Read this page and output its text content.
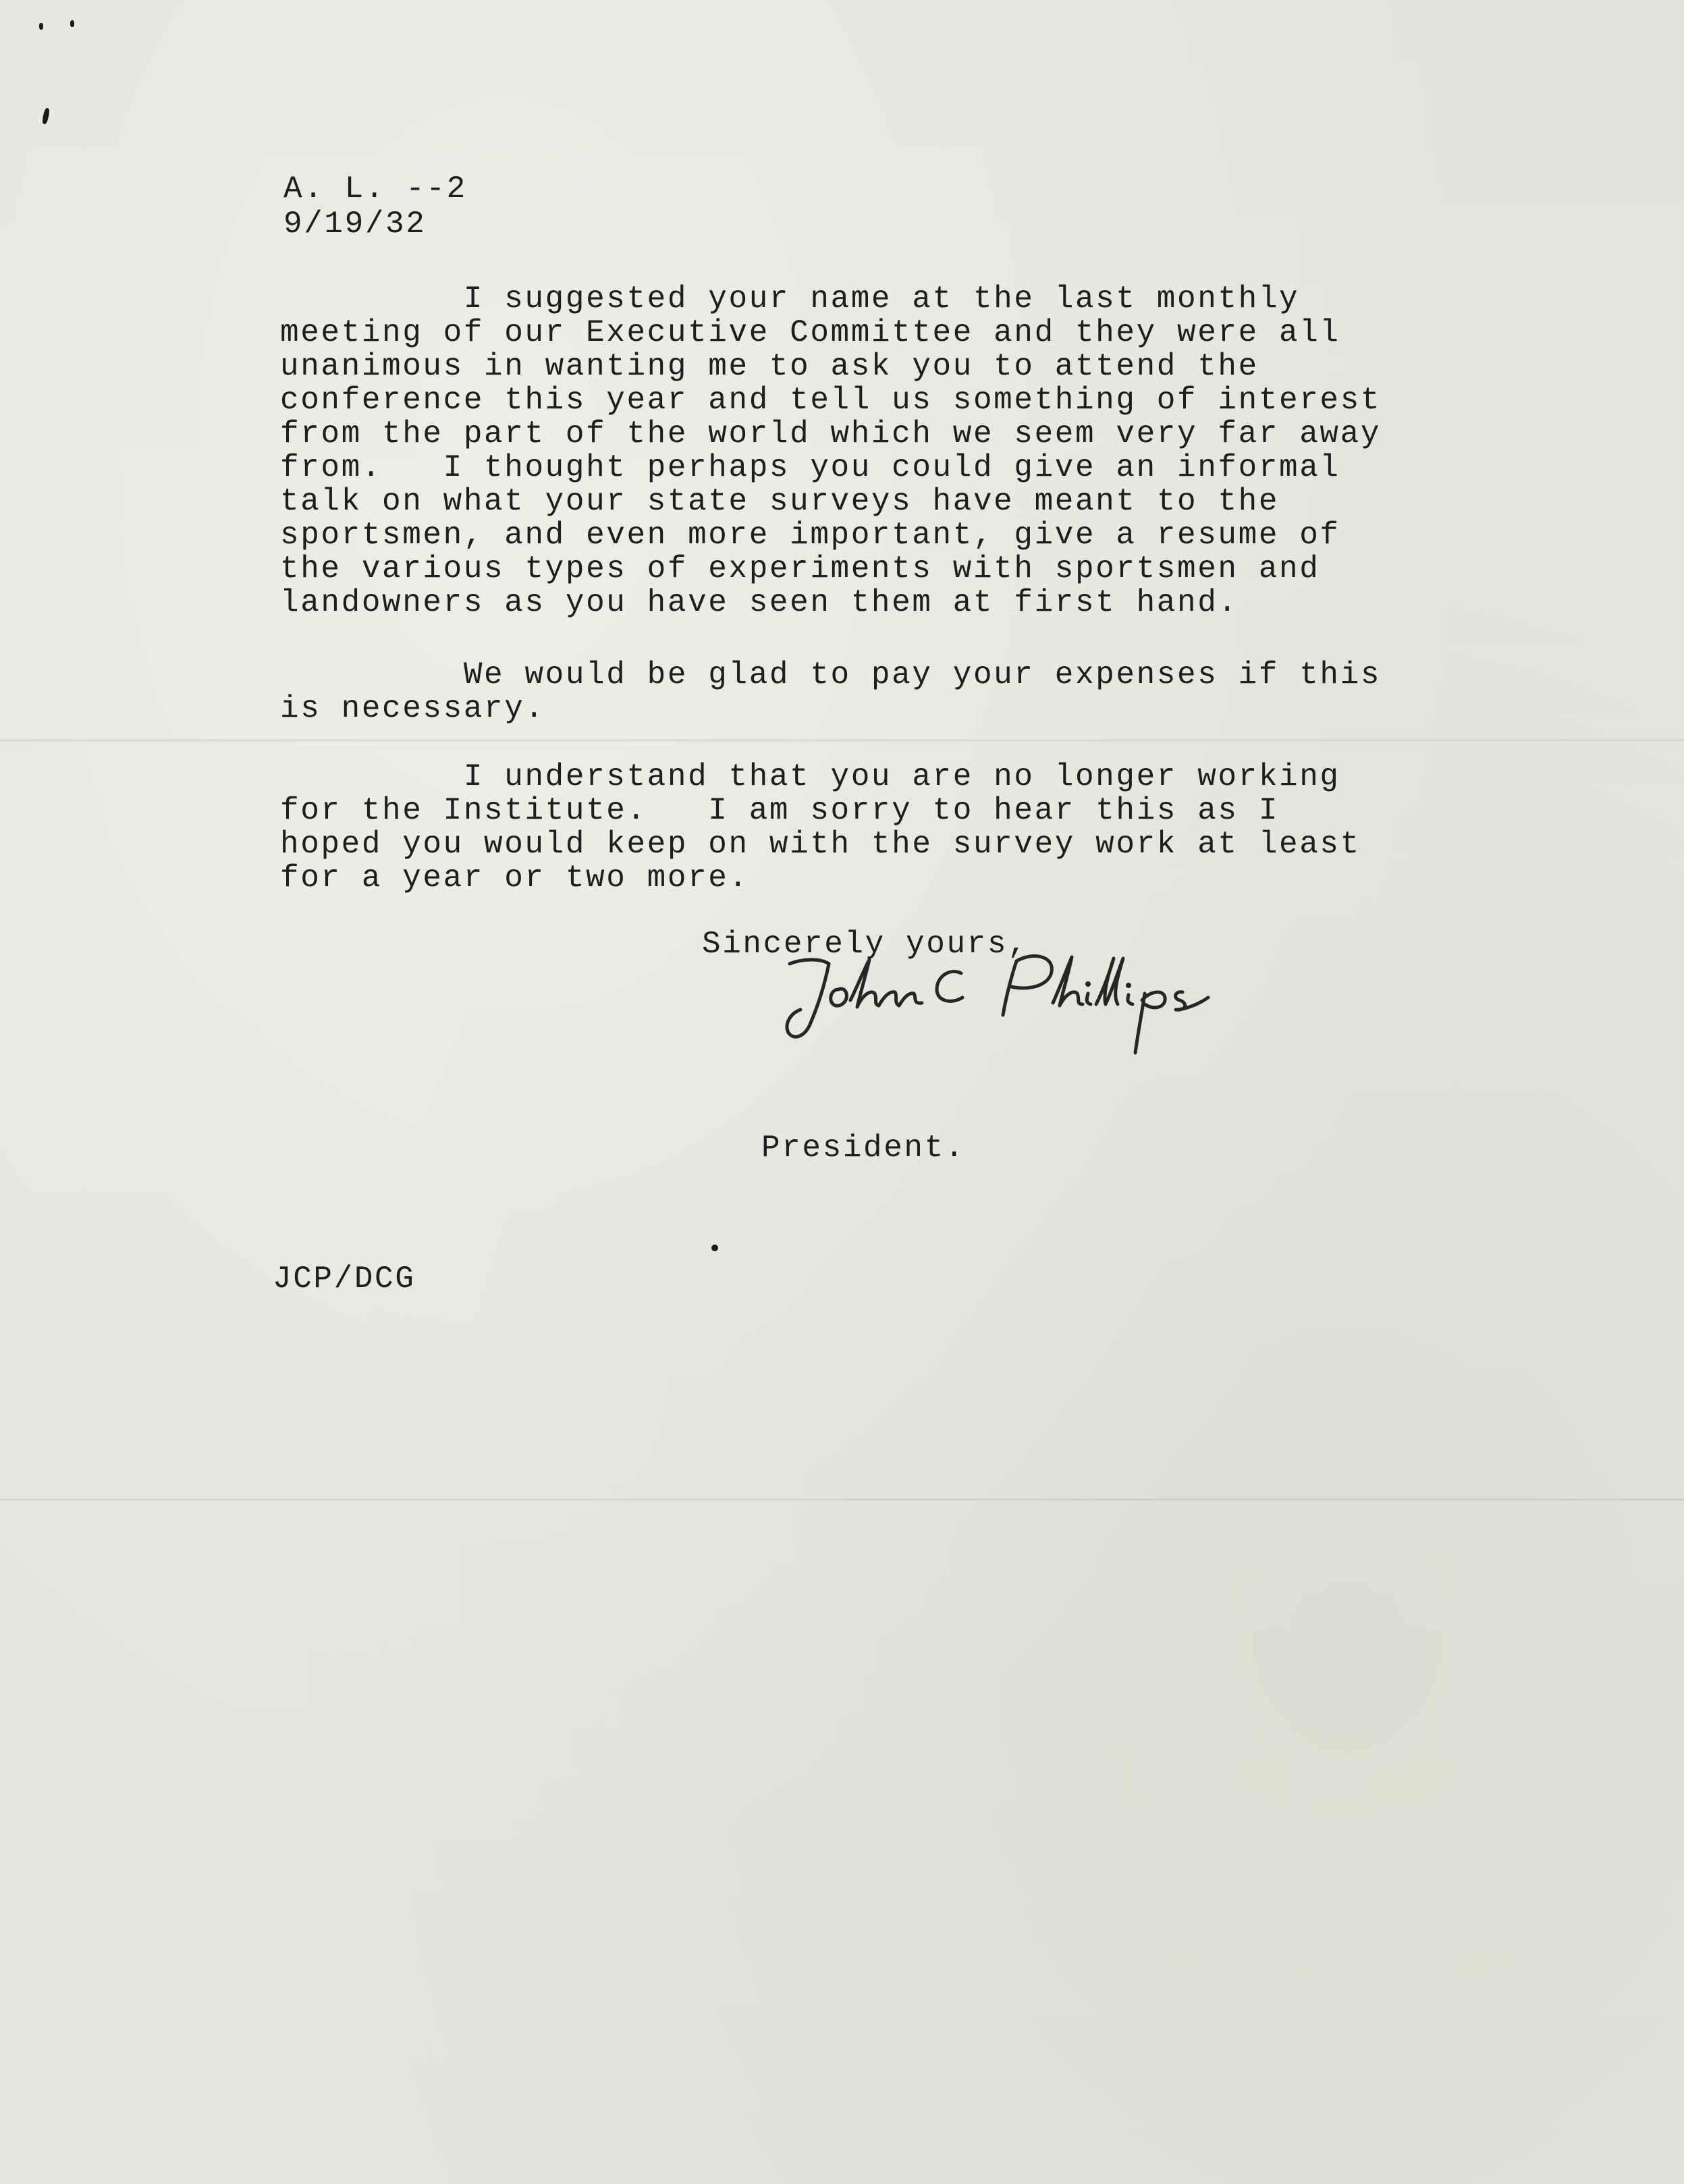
A. L. --2

9/19/32

I suggested your name at the last monthly
meeting of our Executive Committee and they were all
unanimous in wanting me to ask you to attend the
conference this year and tell us something of interest
from the part of the world which we seem very far away
from.   I thought perhaps you could give an informal
talk on what your state surveys have meant to the
sportsmen, and even more important, give a resume of
the various types of experiments with sportsmen and
landowners as you have seen them at first hand.
We would be glad to pay your expenses if this
is necessary.
I understand that you are no longer working
for the Institute.   I am sorry to hear this as I
hoped you would keep on with the survey work at least
for a year or two more.

Sincerely yours,

President.

JCP/DCG
